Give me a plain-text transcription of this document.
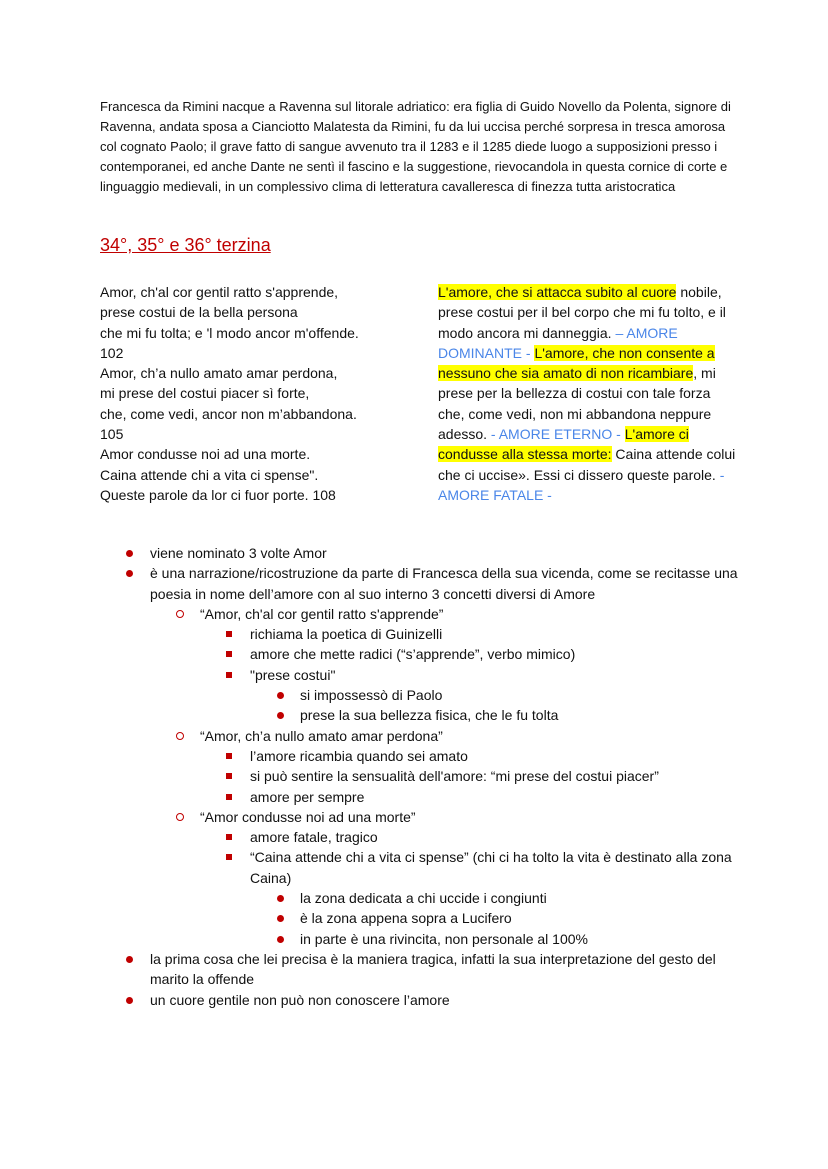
Francesca da Rimini nacque a Ravenna sul litorale adriatico: era figlia di Guido Novello da Polenta, signore di Ravenna, andata sposa a Cianciotto Malatesta da Rimini, fu da lui uccisa perché sorpresa in tresca amorosa col cognato Paolo; il grave fatto di sangue avvenuto tra il 1283 e il 1285 diede luogo a supposizioni presso i contemporanei, ed anche Dante ne sentì il fascino e la suggestione, rievocandola in questa cornice di corte e linguaggio medievali, in un complessivo clima di letteratura cavalleresca di finezza tutta aristocratica

34°, 35° e 36° terzina
Amor, ch'al cor gentil ratto s'apprende,
prese costui de la bella persona
che mi fu tolta; e 'l modo ancor m'offende.
102
Amor, ch’a nullo amato amar perdona,
mi prese del costui piacer sì forte,
che, come vedi, ancor non m’abbandona.
105
Amor condusse noi ad una morte.
Caina attende chi a vita ci spense".
Queste parole da lor ci fuor porte. 108
L'amore, che si attacca subito al cuore nobile, prese costui per il bel corpo che mi fu tolto, e il modo ancora mi danneggia. – AMORE DOMINANTE - L'amore, che non consente a nessuno che sia amato di non ricambiare, mi prese per la bellezza di costui con tale forza che, come vedi, non mi abbandona neppure adesso. - AMORE ETERNO - L'amore ci condusse alla stessa morte: Caina attende colui che ci uccise». Essi ci dissero queste parole. - AMORE FATALE -
viene nominato 3 volte Amor
è una narrazione/ricostruzione da parte di Francesca della sua vicenda, come se recitasse una poesia in nome dell’amore con al suo interno 3 concetti diversi di Amore
“Amor, ch'al cor gentil ratto s'apprende”
richiama la poetica di Guinizelli
amore che mette radici (“s’apprende”, verbo mimico)
"prese costui"
si impossessò di Paolo
prese la sua bellezza fisica, che le fu tolta
“Amor, ch’a nullo amato amar perdona”
l’amore ricambia quando sei amato
si può sentire la sensualità dell'amore: “mi prese del costui piacer”
amore per sempre
“Amor condusse noi ad una morte”
amore fatale, tragico
“Caina attende chi a vita ci spense” (chi ci ha tolto la vita è destinato alla zona Caina)
la zona dedicata a chi uccide i congiunti
è la zona appena sopra a Lucifero
in parte è una rivincita, non personale al 100%
la prima cosa che lei precisa è la maniera tragica, infatti la sua interpretazione del gesto del marito la offende
un cuore gentile non può non conoscere l’amore
